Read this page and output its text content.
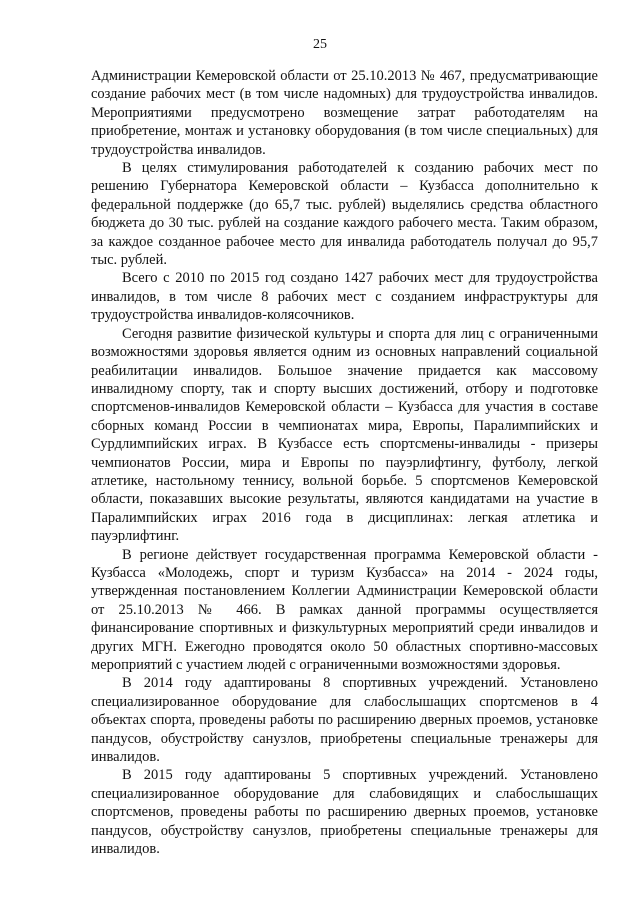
25

Администрации Кемеровской области от 25.10.2013 № 467, предусматривающие создание рабочих мест (в том числе надомных) для трудоустройства инвалидов. Мероприятиями предусмотрено возмещение затрат работодателям на приобретение, монтаж и установку оборудования (в том числе специальных) для трудоустройства инвалидов.

В целях стимулирования работодателей к созданию рабочих мест по решению Губернатора Кемеровской области – Кузбасса дополнительно к федеральной поддержке (до 65,7 тыс. рублей) выделялись средства областного бюджета до 30 тыс. рублей на создание каждого рабочего места. Таким образом, за каждое созданное рабочее место для инвалида работодатель получал до 95,7 тыс. рублей.

Всего с 2010 по 2015 год создано 1427 рабочих мест для трудоустройства инвалидов, в том числе 8 рабочих мест с созданием инфраструктуры для трудоустройства инвалидов-колясочников.

Сегодня развитие физической культуры и спорта для лиц с ограниченными возможностями здоровья является одним из основных направлений социальной реабилитации инвалидов. Большое значение придается как массовому инвалидному спорту, так и спорту высших достижений, отбору и подготовке спортсменов-инвалидов Кемеровской области – Кузбасса для участия в составе сборных команд России в чемпионатах мира, Европы, Паралимпийских и Сурдлимпийских играх. В Кузбассе есть спортсмены-инвалиды - призеры чемпионатов России, мира и Европы по пауэрлифтингу, футболу, легкой атлетике, настольному теннису, вольной борьбе. 5 спортсменов Кемеровской области, показавших высокие результаты, являются кандидатами на участие в Паралимпийских играх 2016 года в дисциплинах: легкая атлетика и пауэрлифтинг.

В регионе действует государственная программа Кемеровской области - Кузбасса «Молодежь, спорт и туризм Кузбасса» на 2014 - 2024 годы, утвержденная постановлением Коллегии Администрации Кемеровской области от 25.10.2013 № 466. В рамках данной программы осуществляется финансирование спортивных и физкультурных мероприятий среди инвалидов и других МГН. Ежегодно проводятся около 50 областных спортивно-массовых мероприятий с участием людей с ограниченными возможностями здоровья.

В 2014 году адаптированы 8 спортивных учреждений. Установлено специализированное оборудование для слабослышащих спортсменов в 4 объектах спорта, проведены работы по расширению дверных проемов, установке пандусов, обустройству санузлов, приобретены специальные тренажеры для инвалидов.

В 2015 году адаптированы 5 спортивных учреждений. Установлено специализированное оборудование для слабовидящих и слабослышащих спортсменов, проведены работы по расширению дверных проемов, установке пандусов, обустройству санузлов, приобретены специальные тренажеры для инвалидов.
